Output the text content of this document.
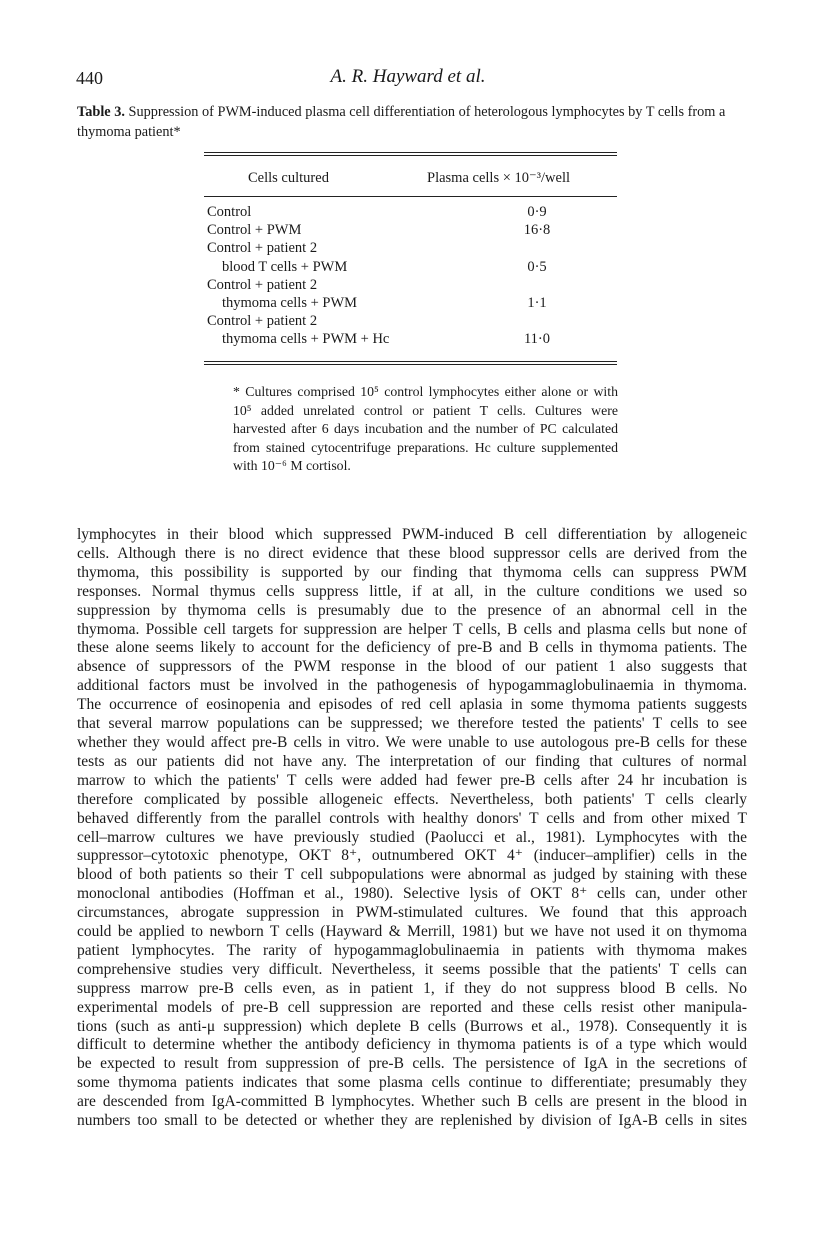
440	A. R. Hayward et al.
Table 3. Suppression of PWM-induced plasma cell differentiation of heterologous lymphocytes by T cells from a thymoma patient*
Cells cultured	Plasma cells × 10⁻³/well
Control	0·9
Control + PWM	16·8
Control + patient 2
blood T cells + PWM	0·5
Control + patient 2
thymoma cells + PWM	1·1
Control + patient 2
thymoma cells + PWM + Hc	11·0

* Cultures comprised 10⁵ control lymphocytes either alone or with 10⁵ added unrelated control or patient T cells. Cultures were harvested after 6 days incubation and the number of PC calculated from stained cytocentrifuge preparations. Hc culture supplemented with 10⁻⁶ M cortisol.

lymphocytes in their blood which suppressed PWM-induced B cell differentiation by allogeneic
cells. Although there is no direct evidence that these blood suppressor cells are derived from the
thymoma, this possibility is supported by our finding that thymoma cells can suppress PWM
responses. Normal thymus cells suppress little, if at all, in the culture conditions we used so
suppression by thymoma cells is presumably due to the presence of an abnormal cell in the
thymoma. Possible cell targets for suppression are helper T cells, B cells and plasma cells but none of
these alone seems likely to account for the deficiency of pre-B and B cells in thymoma patients. The
absence of suppressors of the PWM response in the blood of our patient 1 also suggests that
additional factors must be involved in the pathogenesis of hypogammaglobulinaemia in thymoma.
The occurrence of eosinopenia and episodes of red cell aplasia in some thymoma patients suggests
that several marrow populations can be suppressed; we therefore tested the patients' T cells to see
whether they would affect pre-B cells in vitro. We were unable to use autologous pre-B cells for these
tests as our patients did not have any. The interpretation of our finding that cultures of normal
marrow to which the patients' T cells were added had fewer pre-B cells after 24 hr incubation is
therefore complicated by possible allogeneic effects. Nevertheless, both patients' T cells clearly
behaved differently from the parallel controls with healthy donors' T cells and from other mixed T
cell–marrow cultures we have previously studied (Paolucci et al., 1981). Lymphocytes with the
suppressor–cytotoxic phenotype, OKT 8⁺, outnumbered OKT 4⁺ (inducer–amplifier) cells in the
blood of both patients so their T cell subpopulations were abnormal as judged by staining with these
monoclonal antibodies (Hoffman et al., 1980). Selective lysis of OKT 8⁺ cells can, under other
circumstances, abrogate suppression in PWM-stimulated cultures. We found that this approach
could be applied to newborn T cells (Hayward & Merrill, 1981) but we have not used it on thymoma
patient lymphocytes. The rarity of hypogammaglobulinaemia in patients with thymoma makes
comprehensive studies very difficult. Nevertheless, it seems possible that the patients' T cells can
suppress marrow pre-B cells even, as in patient 1, if they do not suppress blood B cells. No
experimental models of pre-B cell suppression are reported and these cells resist other manipula-
tions (such as anti-μ suppression) which deplete B cells (Burrows et al., 1978). Consequently it is
difficult to determine whether the antibody deficiency in thymoma patients is of a type which would
be expected to result from suppression of pre-B cells. The persistence of IgA in the secretions of
some thymoma patients indicates that some plasma cells continue to differentiate; presumably they
are descended from IgA-committed B lymphocytes. Whether such B cells are present in the blood in
numbers too small to be detected or whether they are replenished by division of IgA-B cells in sites
